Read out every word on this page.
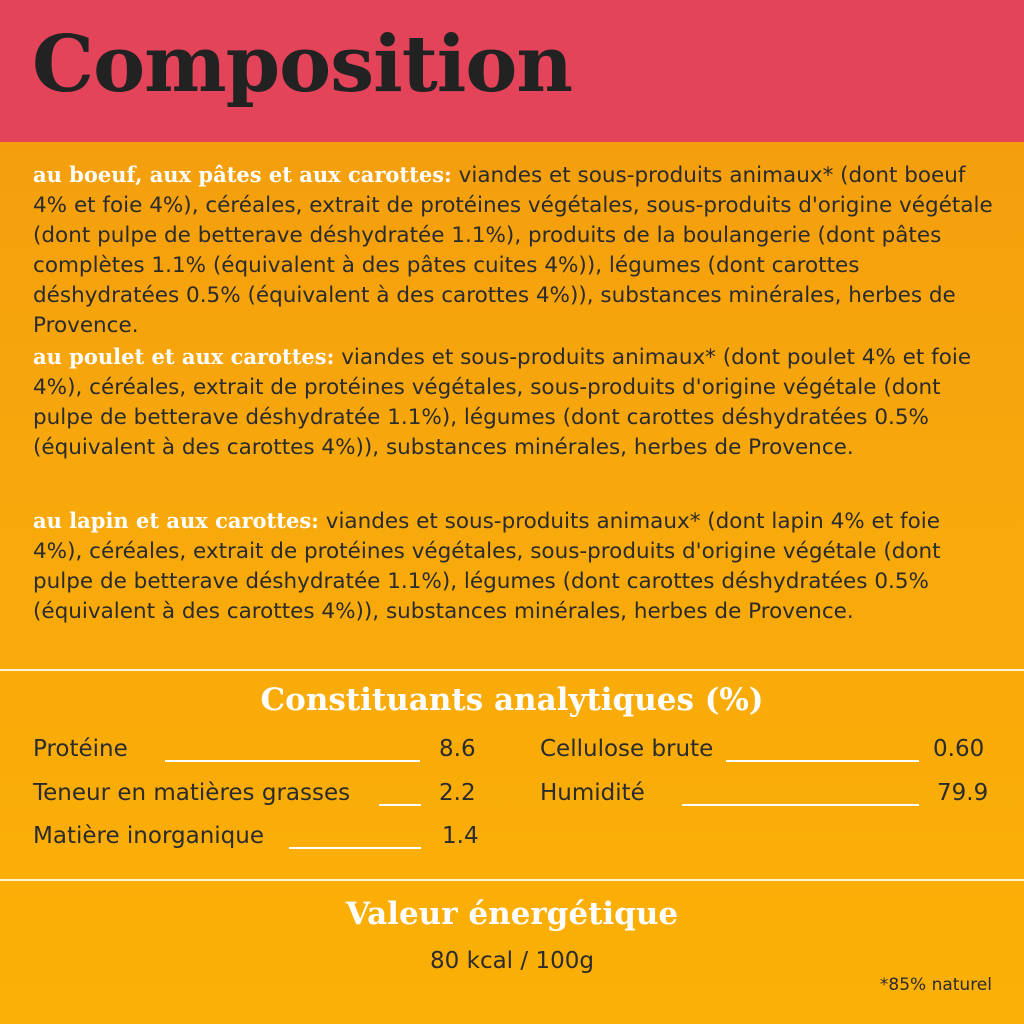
Composition

au boeuf, aux pâtes et aux carottes: viandes et sous-produits animaux* (dont boeuf 4% et foie 4%), céréales, extrait de protéines végétales, sous-produits d'origine végétale (dont pulpe de betterave déshydratée 1.1%), produits de la boulangerie (dont pâtes complètes 1.1% (équivalent à des pâtes cuites 4%)), légumes (dont carottes déshydratées 0.5% (équivalent à des carottes 4%)), substances minérales, herbes de Provence.

au poulet et aux carottes: viandes et sous-produits animaux* (dont poulet 4% et foie 4%), céréales, extrait de protéines végétales, sous-produits d'origine végétale (dont pulpe de betterave déshydratée 1.1%), légumes (dont carottes déshydratées 0.5% (équivalent à des carottes 4%)), substances minérales, herbes de Provence.

au lapin et aux carottes: viandes et sous-produits animaux* (dont lapin 4% et foie 4%), céréales, extrait de protéines végétales, sous-produits d'origine végétale (dont pulpe de betterave déshydratée 1.1%), légumes (dont carottes déshydratées 0.5% (équivalent à des carottes 4%)), substances minérales, herbes de Provence.

Constituants analytiques (%)
Protéine	8.6
Teneur en matières grasses	2.2
Matière inorganique	1.4
Cellulose brute	0.60
Humidité	79.9
Valeur énergétique
80 kcal / 100g
*85% naturel
